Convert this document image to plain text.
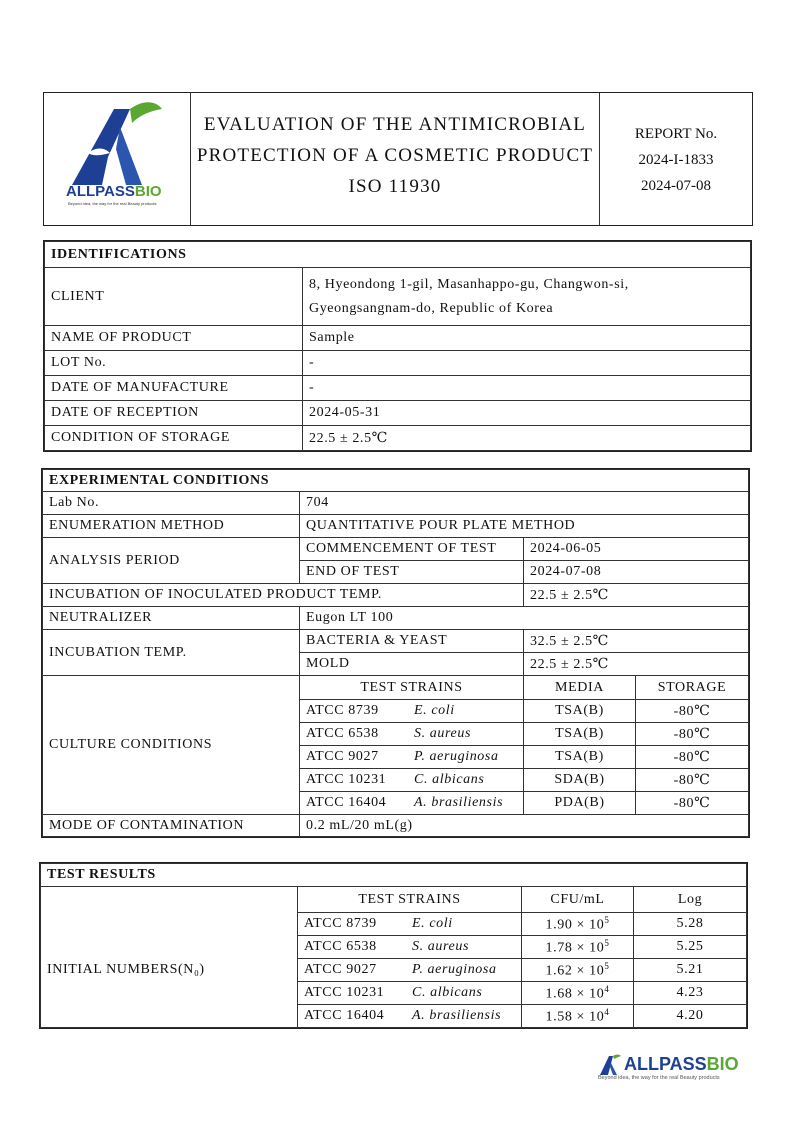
ALLPASSBIO
Beyond idea, the way for the real Beauty products
EVALUATION OF THE ANTIMICROBIAL
PROTECTION OF A COSMETIC PRODUCT
ISO 11930
REPORT No.
2024-I-1833
2024-07-08
IDENTIFICATIONS	
CLIENT	8, Hyeondong 1-gil, Masanhappo-gu, Changwon-si,
Gyeongsangnam-do, Republic of Korea

NAME OF PRODUCT	Sample
LOT No.	-
DATE OF MANUFACTURE	-
DATE OF RECEPTION	2024-05-31
CONDITION OF STORAGE	22.5 ± 2.5℃
EXPERIMENTAL CONDITIONS			
Lab No.	704		
ENUMERATION METHOD	QUANTITATIVE POUR PLATE METHOD		
ANALYSIS PERIOD	COMMENCEMENT OF TEST	2024-06-05	
	END OF TEST	2024-07-08	
INCUBATION OF INOCULATED PRODUCT TEMP.		22.5 ± 2.5℃	
NEUTRALIZER	Eugon LT 100		
INCUBATION TEMP.	BACTERIA & YEAST	32.5 ± 2.5℃	
	MOLD	22.5 ± 2.5℃	
CULTURE CONDITIONS	TEST STRAINS	MEDIA	STORAGE
	ATCC 8739 E. coli	TSA(B)	-80℃
	ATCC 6538 S. aureus	TSA(B)	-80℃
	ATCC 9027 P. aeruginosa	TSA(B)	-80℃
	ATCC 10231 C. albicans	SDA(B)	-80℃
	ATCC 16404 A. brasiliensis	PDA(B)	-80℃
MODE OF CONTAMINATION	0.2 mL/20 mL(g)		
TEST RESULTS			
	TEST STRAINS	CFU/mL	Log
INITIAL NUMBERS(N₀)	ATCC 8739 E. coli	$1.90 \times 10^5$	5.28
	ATCC 6538 S. aureus	$1.78 \times 10^5$	5.25
	ATCC 9027 P. aeruginosa	$1.62 \times 10^5$	5.21
	ATCC 10231 C. albicans	$1.68 \times 10^4$	4.23
	ATCC 16404 A. brasiliensis	$1.58 \times 10^4$	4.20
ALLPASSBIO
Beyond idea, the way for the real Beauty products
